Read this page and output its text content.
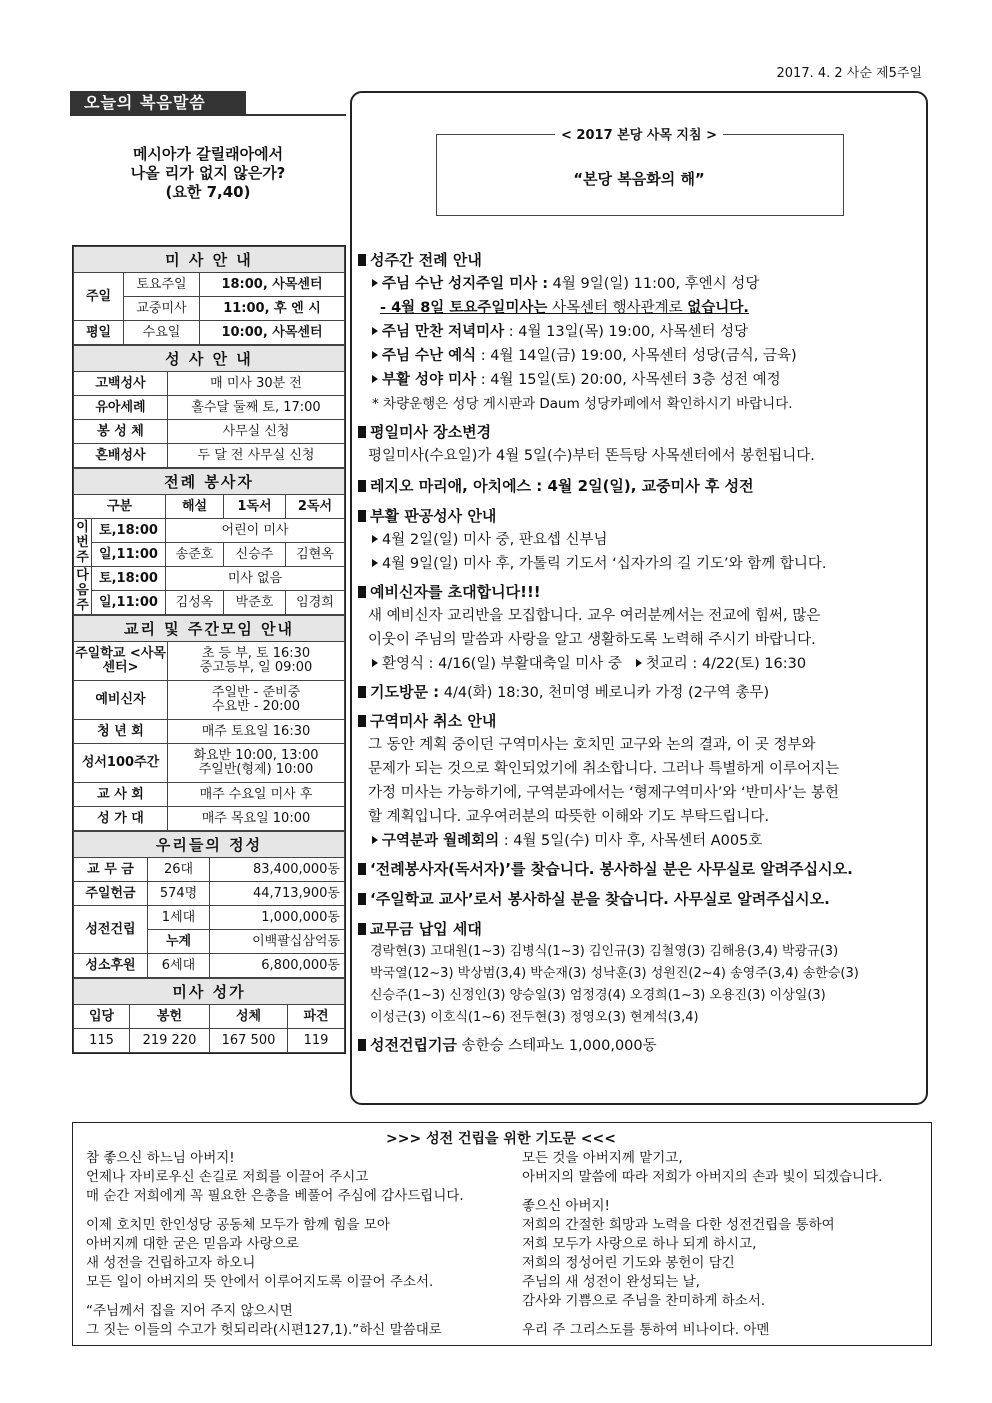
2017. 4. 2 사순 제5주일
오늘의 복음말씀
메시아가 갈릴래아에서
나올 리가 없지 않은가?
(요한 7,40)
미 사 안 내		
주일	토요주일	18:00, 사목센터
	교중미사	11:00, 후 엔 시
평일	수요일	10:00, 사목센터
성 사 안 내	
고백성사	매 미사 30분 전
유아세례	홀수달 둘째 토, 17:00
봉 성 체	사무실 신청
혼배성사	두 달 전 사무실 신청
전례 봉사자				
구분		해설	1독서	2독서
이번주	토,18:00	어린이 미사		
	일,11:00	송준호	신승주	김현옥
다음주	토,18:00	미사 없음		
	일,11:00	김성옥	박준호	임경희
교리 및 주간모임 안내	
주일학교 <사목센터>	초 등 부, 토 16:30
중고등부, 일 09:00

예비신자	주일반 - 준비중
수요반 - 20:00

청 년 회	매주 토요일 16:30
성서100주간	화요반 10:00, 13:00
주일반(형제) 10:00

교 사 회	매주 수요일 미사 후
성 가 대	매주 목요일 10:00
우리들의 정성		
교 무 금	26대	83,400,000동
주일헌금	574명	44,713,900동
성전건립	1세대	1,000,000동
	누계	이백팔십삼억동
성소후원	6세대	6,800,000동
미사 성가			
입당	봉헌	성체	파견
115	219 220	167 500	119
< 2017 본당 사목 지침 >
“본당 복음화의 해”
성주간 전례 안내
주님 수난 성지주일 미사 : 4월 9일(일) 11:00, 후엔시 성당
- 4월 8일 토요주일미사는 사목센터 행사관계로 없습니다.
주님 만찬 저녁미사 : 4월 13일(목) 19:00, 사목센터 성당
주님 수난 예식 : 4월 14일(금) 19:00, 사목센터 성당(금식, 금육)
부활 성야 미사 : 4월 15일(토) 20:00, 사목센터 3층 성전 예정
* 차량운행은 성당 게시판과 Daum 성당카페에서 확인하시기 바랍니다.
평일미사 장소변경
평일미사(수요일)가 4월 5일(수)부터 똔득탕 사목센터에서 봉헌됩니다.
레지오 마리애, 아치에스 : 4월 2일(일), 교중미사 후 성전
부활 판공성사 안내
4월 2일(일) 미사 중, 판요셉 신부님
4월 9일(일) 미사 후, 가톨릭 기도서 ‘십자가의 길 기도’와 함께 합니다.
예비신자를 초대합니다!!!
새 예비신자 교리반을 모집합니다. 교우 여러분께서는 전교에 힘써, 많은
이웃이 주님의 말씀과 사랑을 알고 생활하도록 노력해 주시기 바랍니다.
환영식 : 4/16(일) 부활대축일 미사 중 첫교리 : 4/22(토) 16:30
기도방문 : 4/4(화) 18:30, 천미영 베로니카 가정 (2구역 총무)
구역미사 취소 안내
그 동안 계획 중이던 구역미사는 호치민 교구와 논의 결과, 이 곳 정부와
문제가 되는 것으로 확인되었기에 취소합니다. 그러나 특별하게 이루어지는
가정 미사는 가능하기에, 구역분과에서는 ‘형제구역미사’와 ‘반미사’는 봉헌
할 계획입니다. 교우여러분의 따뜻한 이해와 기도 부탁드립니다.
구역분과 월례회의 : 4월 5일(수) 미사 후, 사목센터 A005호
‘전례봉사자(독서자)’를 찾습니다. 봉사하실 분은 사무실로 알려주십시오.
‘주일학교 교사’로서 봉사하실 분을 찾습니다. 사무실로 알려주십시오.
교무금 납입 세대
경락현(3) 고대원(1~3) 김병식(1~3) 김인규(3) 김철영(3) 김해용(3,4) 박광규(3)
박국열(12~3) 박상범(3,4) 박순재(3) 성낙훈(3) 성원진(2~4) 송영주(3,4) 송한승(3)
신승주(1~3) 신정인(3) 양승일(3) 엄정경(4) 오경희(1~3) 오용진(3) 이상일(3)
이성근(3) 이호식(1~6) 전두현(3) 정영오(3) 현계석(3,4)
성전건립기금 송한승 스테파노 1,000,000동
>>> 성전 건립을 위한 기도문 <<<
참 좋으신 하느님 아버지!
언제나 자비로우신 손길로 저희를 이끌어 주시고
매 순간 저희에게 꼭 필요한 은총을 베풀어 주심에 감사드립니다.
이제 호치민 한인성당 공동체 모두가 함께 힘을 모아
아버지께 대한 굳은 믿음과 사랑으로
새 성전을 건립하고자 하오니
모든 일이 아버지의 뜻 안에서 이루어지도록 이끌어 주소서.
“주님께서 집을 지어 주지 않으시면
그 짓는 이들의 수고가 헛되리라(시편127,1).”하신 말씀대로
모든 것을 아버지께 맡기고,
아버지의 말씀에 따라 저희가 아버지의 손과 빛이 되겠습니다.
좋으신 아버지!
저희의 간절한 희망과 노력을 다한 성전건립을 통하여
저희 모두가 사랑으로 하나 되게 하시고,
저희의 정성어린 기도와 봉헌이 담긴
주님의 새 성전이 완성되는 날,
감사와 기쁨으로 주님을 찬미하게 하소서.
우리 주 그리스도를 통하여 비나이다. 아멘
